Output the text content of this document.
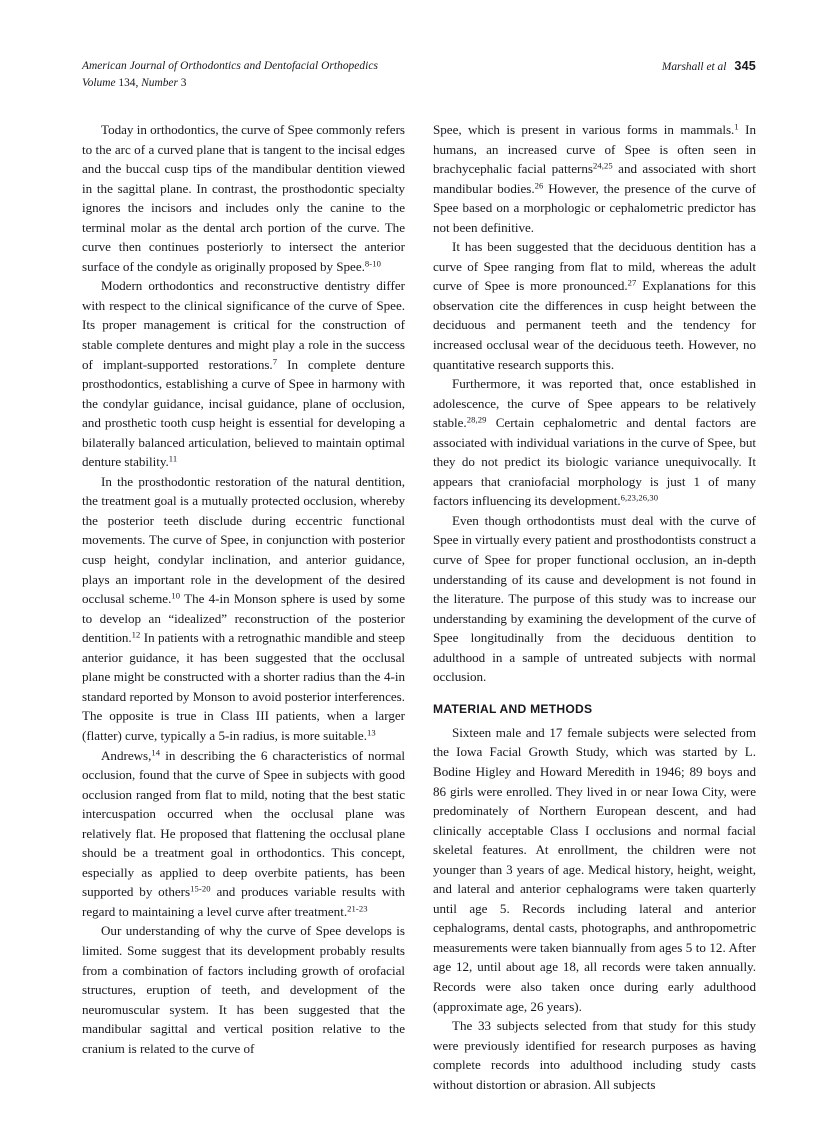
American Journal of Orthodontics and Dentofacial Orthopedics
Volume 134, Number 3
Marshall et al 345

Today in orthodontics, the curve of Spee commonly refers to the arc of a curved plane that is tangent to the incisal edges and the buccal cusp tips of the mandibular dentition viewed in the sagittal plane. In contrast, the prosthodontic specialty ignores the incisors and includes only the canine to the terminal molar as the dental arch portion of the curve. The curve then continues posteriorly to intersect the anterior surface of the condyle as originally proposed by Spee.$^{8-10}$

Modern orthodontics and reconstructive dentistry differ with respect to the clinical significance of the curve of Spee. Its proper management is critical for the construction of stable complete dentures and might play a role in the success of implant-supported restorations.$^7$ In complete denture prosthodontics, establishing a curve of Spee in harmony with the condylar guidance, incisal guidance, plane of occlusion, and prosthetic tooth cusp height is essential for developing a bilaterally balanced articulation, believed to maintain optimal denture stability.$^{11}$

In the prosthodontic restoration of the natural dentition, the treatment goal is a mutually protected occlusion, whereby the posterior teeth disclude during eccentric functional movements. The curve of Spee, in conjunction with posterior cusp height, condylar inclination, and anterior guidance, plays an important role in the development of the desired occlusal scheme.$^{10}$ The 4-in Monson sphere is used by some to develop an “idealized” reconstruction of the posterior dentition.$^{12}$ In patients with a retrognathic mandible and steep anterior guidance, it has been suggested that the occlusal plane might be constructed with a shorter radius than the 4-in standard reported by Monson to avoid posterior interferences. The opposite is true in Class III patients, when a larger (flatter) curve, typically a 5-in radius, is more suitable.$^{13}$

Andrews,$^{14}$ in describing the 6 characteristics of normal occlusion, found that the curve of Spee in subjects with good occlusion ranged from flat to mild, noting that the best static intercuspation occurred when the occlusal plane was relatively flat. He proposed that flattening the occlusal plane should be a treatment goal in orthodontics. This concept, especially as applied to deep overbite patients, has been supported by others$^{15-20}$ and produces variable results with regard to maintaining a level curve after treatment.$^{21-23}$

Our understanding of why the curve of Spee develops is limited. Some suggest that its development probably results from a combination of factors including growth of orofacial structures, eruption of teeth, and development of the neuromuscular system. It has been suggested that the mandibular sagittal and vertical position relative to the cranium is related to the curve of

Spee, which is present in various forms in mammals.$^1$ In humans, an increased curve of Spee is often seen in brachycephalic facial patterns$^{24,25}$ and associated with short mandibular bodies.$^{26}$ However, the presence of the curve of Spee based on a morphologic or cephalometric predictor has not been definitive.

It has been suggested that the deciduous dentition has a curve of Spee ranging from flat to mild, whereas the adult curve of Spee is more pronounced.$^{27}$ Explanations for this observation cite the differences in cusp height between the deciduous and permanent teeth and the tendency for increased occlusal wear of the deciduous teeth. However, no quantitative research supports this.

Furthermore, it was reported that, once established in adolescence, the curve of Spee appears to be relatively stable.$^{28,29}$ Certain cephalometric and dental factors are associated with individual variations in the curve of Spee, but they do not predict its biologic variance unequivocally. It appears that craniofacial morphology is just 1 of many factors influencing its development.$^{6,23,26,30}$

Even though orthodontists must deal with the curve of Spee in virtually every patient and prosthodontists construct a curve of Spee for proper functional occlusion, an in-depth understanding of its cause and development is not found in the literature. The purpose of this study was to increase our understanding by examining the development of the curve of Spee longitudinally from the deciduous dentition to adulthood in a sample of untreated subjects with normal occlusion.

MATERIAL AND METHODS

Sixteen male and 17 female subjects were selected from the Iowa Facial Growth Study, which was started by L. Bodine Higley and Howard Meredith in 1946; 89 boys and 86 girls were enrolled. They lived in or near Iowa City, were predominately of Northern European descent, and had clinically acceptable Class I occlusions and normal facial skeletal features. At enrollment, the children were not younger than 3 years of age. Medical history, height, weight, and lateral and anterior cephalograms were taken quarterly until age 5. Records including lateral and anterior cephalograms, dental casts, photographs, and anthropometric measurements were taken biannually from ages 5 to 12. After age 12, until about age 18, all records were taken annually. Records were also taken once during early adulthood (approximate age, 26 years).

The 33 subjects selected from that study for this study were previously identified for research purposes as having complete records into adulthood including study casts without distortion or abrasion. All subjects
